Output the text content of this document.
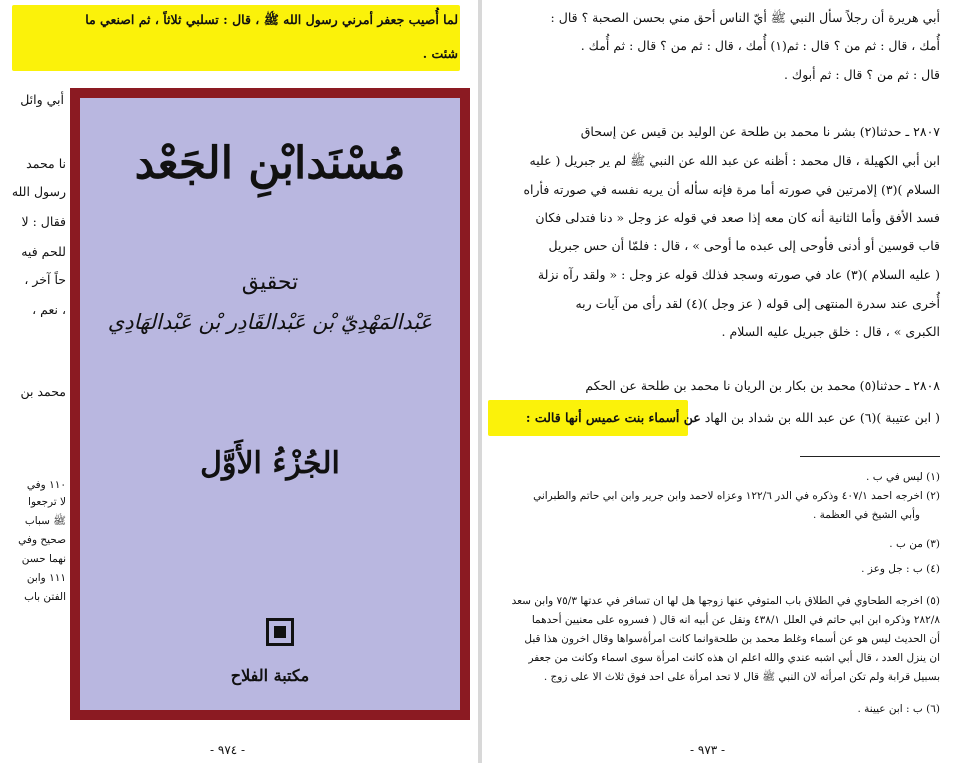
لما أُصيب جعفر أمرني رسول الله ﷺ ، قال : تسلبي ثلاثاً ، ثم اصنعي ما
شئت .
أبي وائل
نا محمد
رسول الله
فقال : لا
للحم فيه
حاً آخر ،
، نعم ،
محمد بن
١١٠ وفي
لا ترجعوا
ﷺ سباب
صحيح وفي
نهما حسن
١١١ وابن
الفتن باب
مُسْنَدابْنِ الجَعْد
تحقيق
عَبْدالمَهْدِيّ بْن عَبْدالقَادِر بْن عَبْدالهَادِي
الجُزْءُ الأَوَّل
مكتبة الفلاح
- ٩٧٤ -
أبي هريرة أن رجلاً سأل النبي ﷺ أيّ الناس أحق مني بحسن الصحبة ؟ قال :
أُمك ، قال : ثم من ؟ قال : ثم(١) أُمك ، قال : ثم من ؟ قال : ثم أُمك .
قال : ثم من ؟ قال : ثم أبوك .
٢٨٠٧ ـ حدثنا(٢) بشر نا محمد بن طلحة عن الوليد بن قيس عن إسحاق
ابن أبي الكهيلة ، قال محمد : أظنه عن عبد الله عن النبي ﷺ لم ير جبريل ( عليه
السلام )(٣) إلامرتين في صورته أما مرة فإنه سأله أن يريه نفسه في صورته فأراه
فسد الأفق وأما الثانية أنه كان معه إذا صعد في قوله عز وجل « دنا فتدلى فكان
قاب قوسين أو أدنى فأوحى إلى عبده ما أوحى » ، قال : فلمّا أن حس جبريل
( عليه السلام )(٣) عاد في صورته وسجد فذلك قوله عز وجل : « ولقد رآه نزلة
أُخرى عند سدرة المنتهى إلى قوله ( عز وجل )(٤) لقد رأى من آيات ربه
الكبرى » ، قال : خلق جبريل عليه السلام .
٢٨٠٨ ـ حدثنا(٥) محمد بن بكار بن الريان نا محمد بن طلحة عن الحكم
( ابن عتيبة )(٦) عن عبد الله بن شداد بن الهاد عن أسماء بنت عميس أنها قالت :
(١) ليس في ب .
(٢) اخرجه احمد ٤٠٧/١ وذكره في الدر ١٢٢/٦ وعزاه لاحمد وابن جرير وابن ابي حاتم والطبراني
وأبي الشيخ في العظمة .
(٣) من ب .
(٤) ب : جل وعز .
(٥) اخرجه الطحاوي في الطلاق باب المتوفي عنها زوجها هل لها ان تسافر في عدتها ٧٥/٣ وابن سعد
٢٨٢/٨ وذكره ابن ابي حاتم في العلل ٤٣٨/١ ونقل عن أبيه انه قال ( فسروه على معنيين أحدهما
أن الحديث ليس هو عن أسماء وغلط محمد بن طلحةوانما كانت امرأةسواها وقال اخرون هذا قبل
ان ينزل العدد ، قال أبي اشبه عندي والله اعلم ان هذه كانت امرأة سوى اسماء وكانت من جعفر
بسبيل قرابة ولم تكن امرأته لان النبي ﷺ قال لا تحد امرأة على احد فوق ثلاث الا على زوج .
(٦) ب : ابن عيينة .
- ٩٧٣ -
